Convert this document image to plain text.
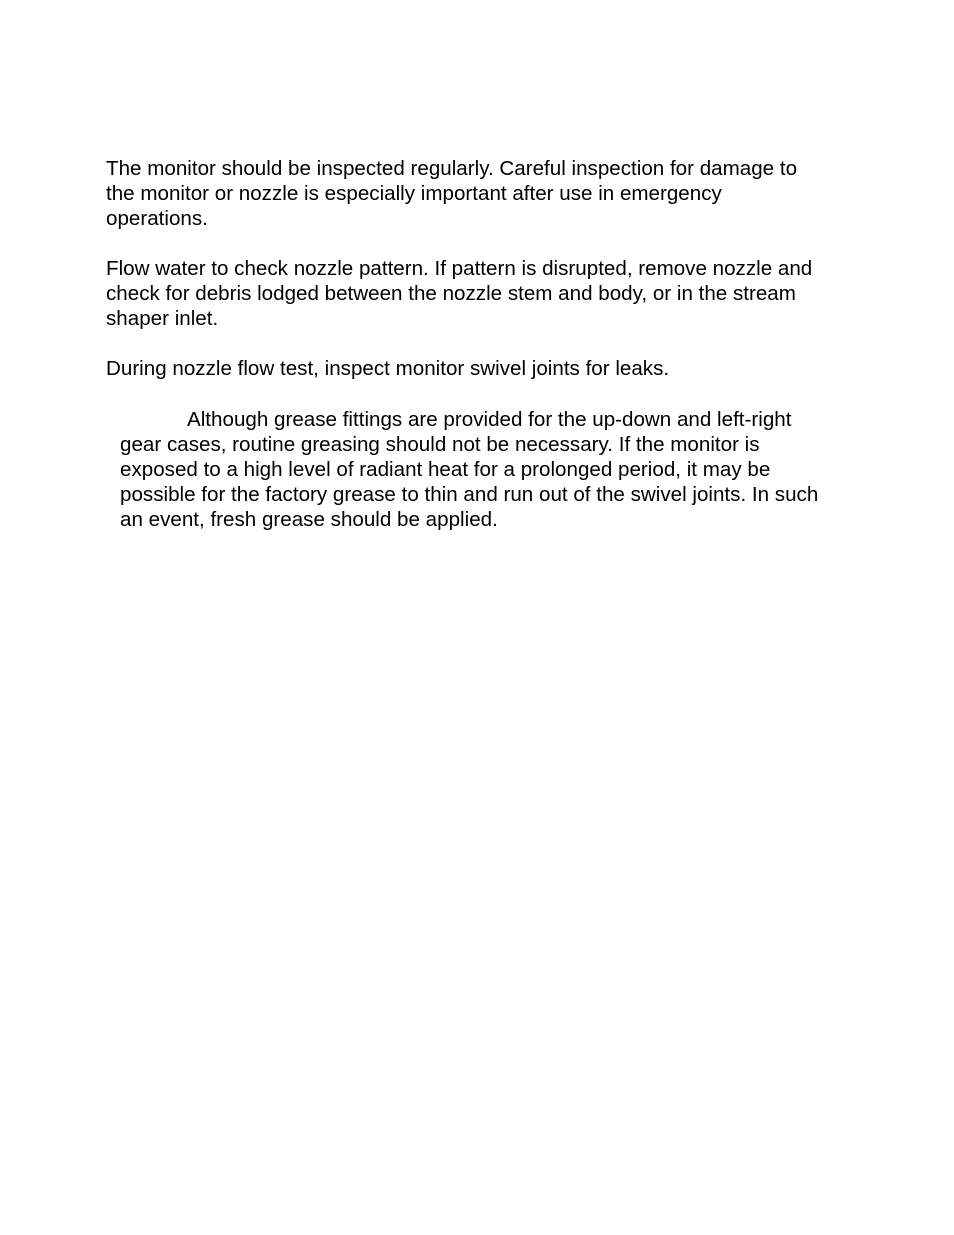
The monitor should be inspected regularly. Careful inspection for damage to
the monitor or nozzle is especially important after use in emergency
operations.

Flow water to check nozzle pattern. If pattern is disrupted, remove nozzle and
check for debris lodged between the nozzle stem and body, or in the stream
shaper inlet.

During nozzle flow test, inspect monitor swivel joints for leaks.

Although grease fittings are provided for the up-down and left-right
gear cases, routine greasing should not be necessary. If the monitor is
exposed to a high level of radiant heat for a prolonged period, it may be
possible for the factory grease to thin and run out of the swivel joints. In such
an event, fresh grease should be applied.
